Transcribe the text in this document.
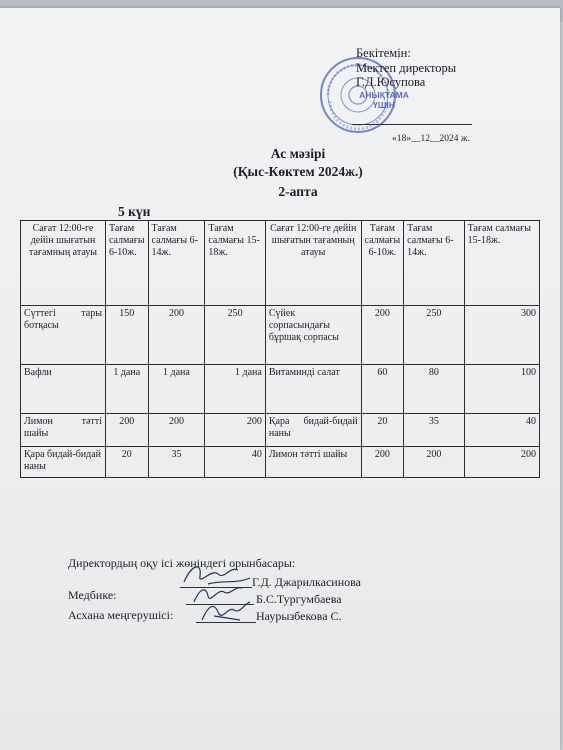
АНЫҚТАМА ҮШІН
Бекітемін:
Мектеп директоры
Г.Д.Юсупова
«18»__12__2024 ж.
Ас мәзірі
(Қыс-Көктем 2024ж.)
2-апта
5 күн
Сағат 12:00-ге дейін шығатын тағамның атауы	Тағам салмағы 6-10ж.	Тағам салмағы 6-14ж.	Тағам салмағы 15-18ж.	Сағат 12:00-ге дейін шығатын тағамның атауы	Тағам салмағы 6-10ж.	Тағам салмағы 6-14ж.	Тағам салмағы 15-18ж.
Сүттегі тары ботқасы	150	200	250	Сүйек сорпасындағы бұршақ сорпасы	200	250	300
Вафли	1 дана	1 дана	1 дана	Витаминді салат	60	80	100
Лимон тәтті шайы	200	200	200	Қара бидай-бидай наны	20	35	40
Қара бидай-бидай наны	20	35	40	Лимон тәтті шайы	200	200	200
Директордың оқу ісі жөніндегі орынбасары:
Г.Д. Джарилкасинова
Медбике:	Б.С.Тургумбаева
Асхана меңгерушісі:	Наурызбекова С.
